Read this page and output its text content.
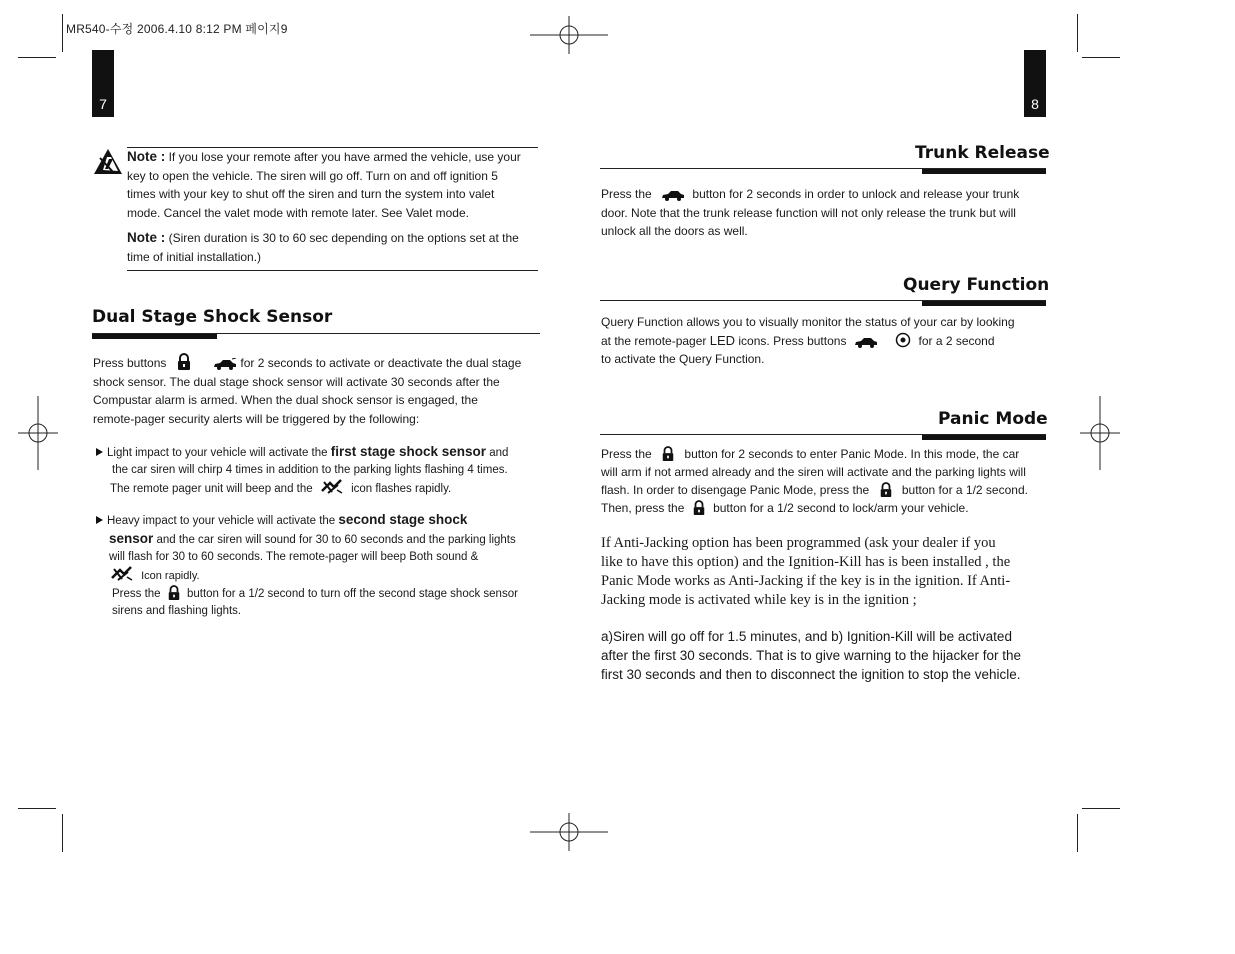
MR540-수정 2006.4.10 8:12 PM 페이지9
7	8
Note : If you lose your remote after you have armed the vehicle, use your
key to open the vehicle. The siren will go off. Turn on and off ignition 5
times with your key to shut off the siren and turn the system into valet
mode. Cancel the valet mode with remote later. See Valet mode.
Note : (Siren duration is 30 to 60 sec depending on the options set at the
time of initial installation.)
Dual Stage Shock Sensor
Press buttons	for 2 seconds to activate or deactivate the dual stage
shock sensor. The dual stage shock sensor will activate 30 seconds after the
Compustar alarm is armed. When the dual shock sensor is engaged, the
remote-pager security alerts will be triggered by the following:
Light impact to your vehicle will activate the first stage shock sensor and
the car siren will chirp 4 times in addition to the parking lights flashing 4 times.
The remote pager unit will beep and the	icon flashes rapidly.
Heavy impact to your vehicle will activate the second stage shock
sensor and the car siren will sound for 30 to 60 seconds and the parking lights
will flash for 30 to 60 seconds. The remote-pager will beep Both sound &
Icon rapidly.
Press the button for a 1/2 second to turn off the second stage shock sensor
sirens and flashing lights.
Trunk Release
Press the	button for 2 seconds in order to unlock and release your trunk
door. Note that the trunk release function will not only release the trunk but will
unlock all the doors as well.
Query Function
Query Function allows you to visually monitor the status of your car by looking
at the remote-pager LED icons. Press buttons	for a 2 second
to activate the Query Function.
Panic Mode
Press the	button for 2 seconds to enter Panic Mode. In this mode, the car
will arm if not armed already and the siren will activate and the parking lights will
flash. In order to disengage Panic Mode, press the	button for a 1/2 second.
Then, press the button for a 1/2 second to lock/arm your vehicle.
If Anti-Jacking option has been programmed (ask your dealer if you
like to have this option) and the Ignition-Kill has is been installed , the
Panic Mode works as Anti-Jacking if the key is in the ignition. If Anti-
Jacking mode is activated while key is in the ignition ;
a)Siren will go off for 1.5 minutes, and b) Ignition-Kill will be activated
after the first 30 seconds. That is to give warning to the hijacker for the
first 30 seconds and then to disconnect the ignition to stop the vehicle.
